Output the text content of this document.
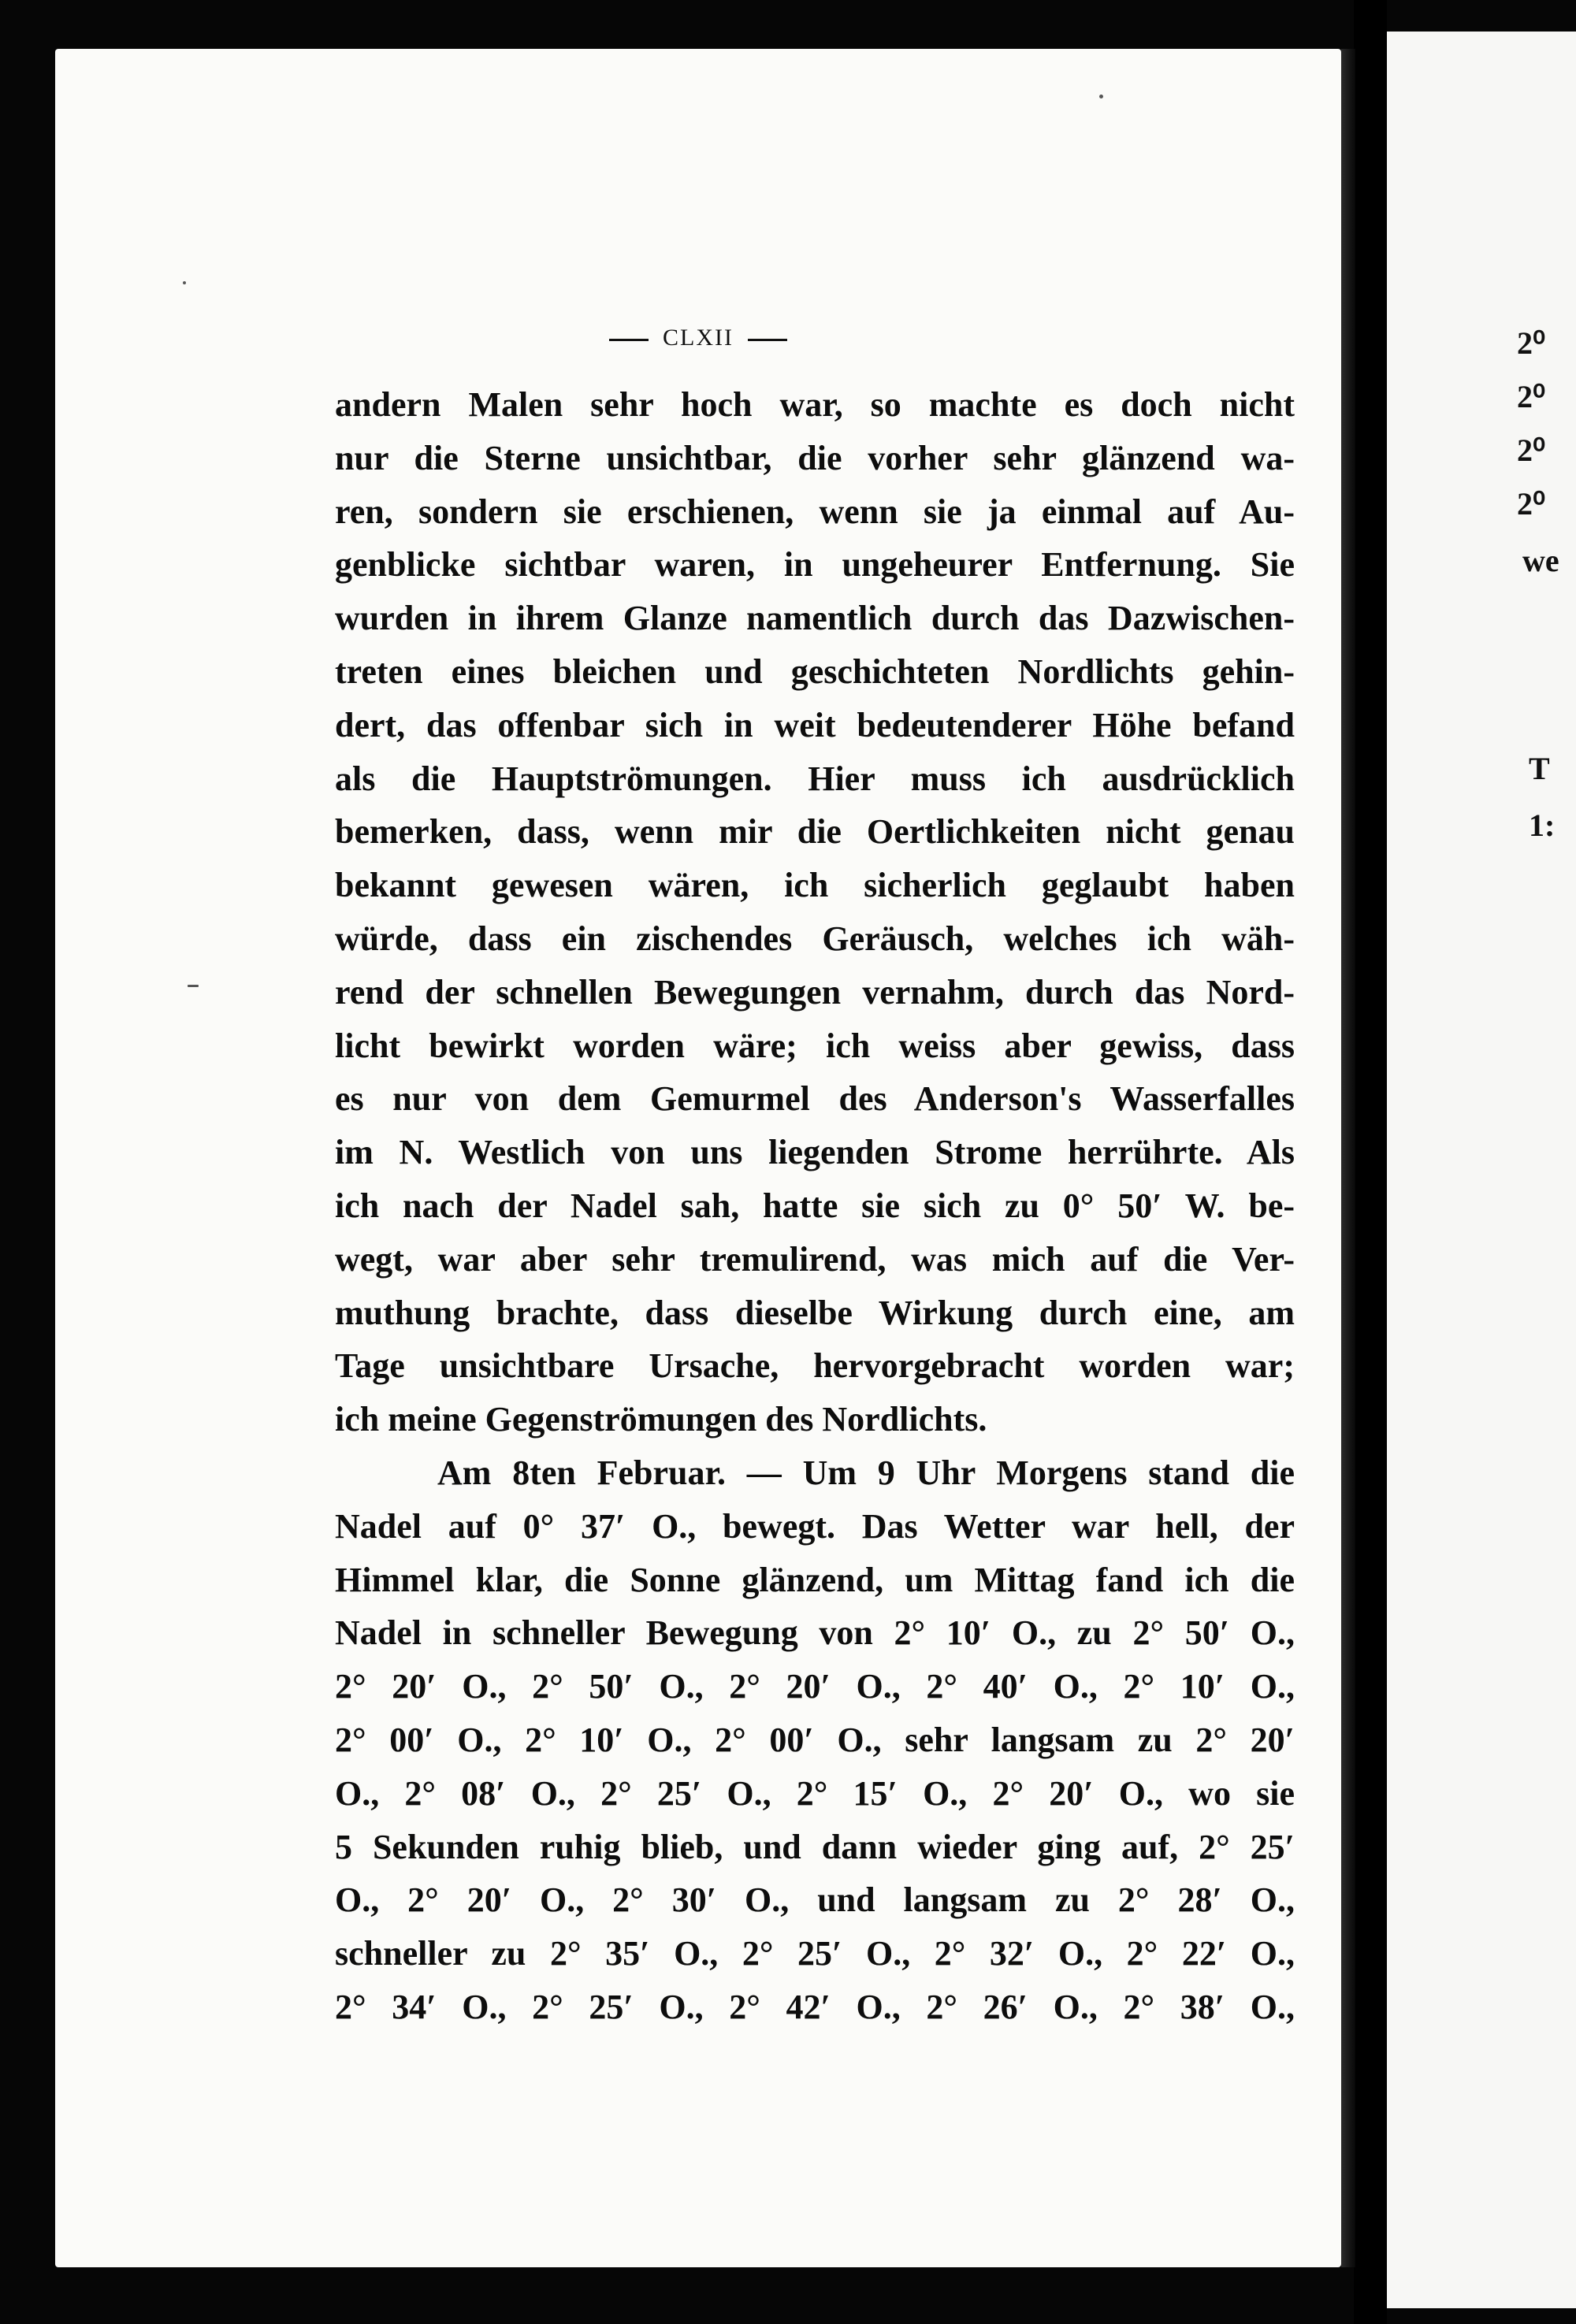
CLXII
andern Malen sehr hoch war, so machte es doch nicht
nur die Sterne unsichtbar, die vorher sehr glänzend wa-
ren, sondern sie erschienen, wenn sie ja einmal auf Au-
genblicke sichtbar waren, in ungeheurer Entfernung. Sie
wurden in ihrem Glanze namentlich durch das Dazwischen-
treten eines bleichen und geschichteten Nordlichts gehin-
dert, das offenbar sich in weit bedeutenderer Höhe befand
als die Hauptströmungen. Hier muss ich ausdrücklich
bemerken, dass, wenn mir die Oertlichkeiten nicht genau
bekannt gewesen wären, ich sicherlich geglaubt haben
würde, dass ein zischendes Geräusch, welches ich wäh-
rend der schnellen Bewegungen vernahm, durch das Nord-
licht bewirkt worden wäre; ich weiss aber gewiss, dass
es nur von dem Gemurmel des Anderson's Wasserfalles
im N. Westlich von uns liegenden Strome herrührte. Als
ich nach der Nadel sah, hatte sie sich zu 0° 50′ W. be-
wegt, war aber sehr tremulirend, was mich auf die Ver-
muthung brachte, dass dieselbe Wirkung durch eine, am
Tage unsichtbare Ursache, hervorgebracht worden war;
ich meine Gegenströmungen des Nordlichts.
Am 8ten Februar. — Um 9 Uhr Morgens stand die
Nadel auf 0° 37′ O., bewegt. Das Wetter war hell, der
Himmel klar, die Sonne glänzend, um Mittag fand ich die
Nadel in schneller Bewegung von 2° 10′ O., zu 2° 50′ O.,
2° 20′ O., 2° 50′ O., 2° 20′ O., 2° 40′ O., 2° 10′ O.,
2° 00′ O., 2° 10′ O., 2° 00′ O., sehr langsam zu 2° 20′
O., 2° 08′ O., 2° 25′ O., 2° 15′ O., 2° 20′ O., wo sie
5 Sekunden ruhig blieb, und dann wieder ging auf, 2° 25′
O., 2° 20′ O., 2° 30′ O., und langsam zu 2° 28′ O.,
schneller zu 2° 35′ O., 2° 25′ O., 2° 32′ O., 2° 22′ O.,
2° 34′ O., 2° 25′ O., 2° 42′ O., 2° 26′ O., 2° 38′ O.,
2⁰
2⁰
2⁰
2⁰
we
T
1:
